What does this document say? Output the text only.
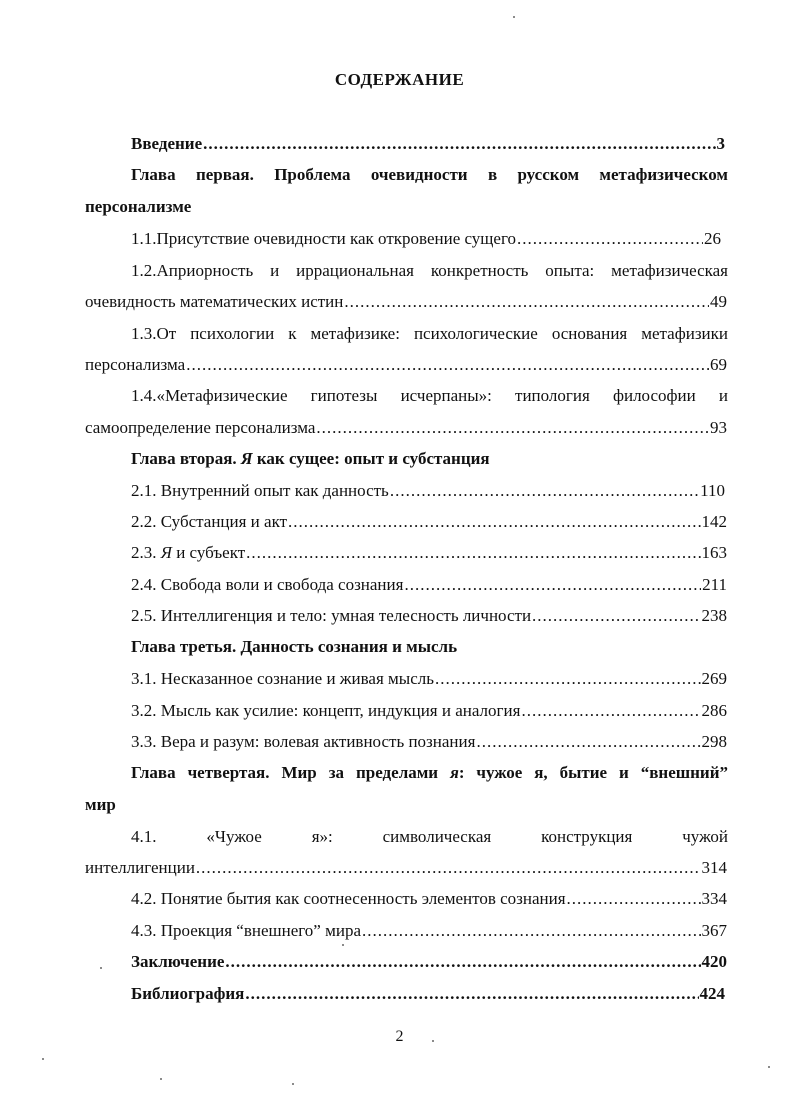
СОДЕРЖАНИЕ
Введение .....	3
Глава первая. Проблема очевидности в русском метафизическом
персонализме
1.1.Присутствие очевидности как откровение сущего .....	26
1.2.Априорность и иррациональная конкретность опыта: метафизическая
очевидность математических истин .....	49
1.3.От психологии к метафизике: психологические основания метафизики
персонализма .....	69
1.4.«Метафизические гипотезы исчерпаны»: типология философии и
самоопределение персонализма .....	93
Глава вторая. Я как сущее: опыт и субстанция
2.1. Внутренний опыт как данность .....	110
2.2. Субстанция и акт .....	142
2.3. Я и субъект .....	163
2.4. Свобода воли и свобода сознания .....	211
2.5. Интеллигенция и тело: умная телесность личности .....	238
Глава третья. Данность сознания и мысль
3.1. Несказанное сознание и живая мысль .....	269
3.2. Мысль как усилие: концепт, индукция и аналогия .....	286
3.3. Вера и разум: волевая активность познания .....	298
Глава четвертая. Мир за пределами я: чужое я, бытие и “внешний”
мир
4.1.	«Чужое	я»:	символическая	конструкция	чужой
интеллигенции .....	314
4.2. Понятие бытия как соотнесенность элементов сознания .....	334
4.3. Проекция “внешнего” мира .....	367
Заключение .....	420
Библиография .....	424
2
